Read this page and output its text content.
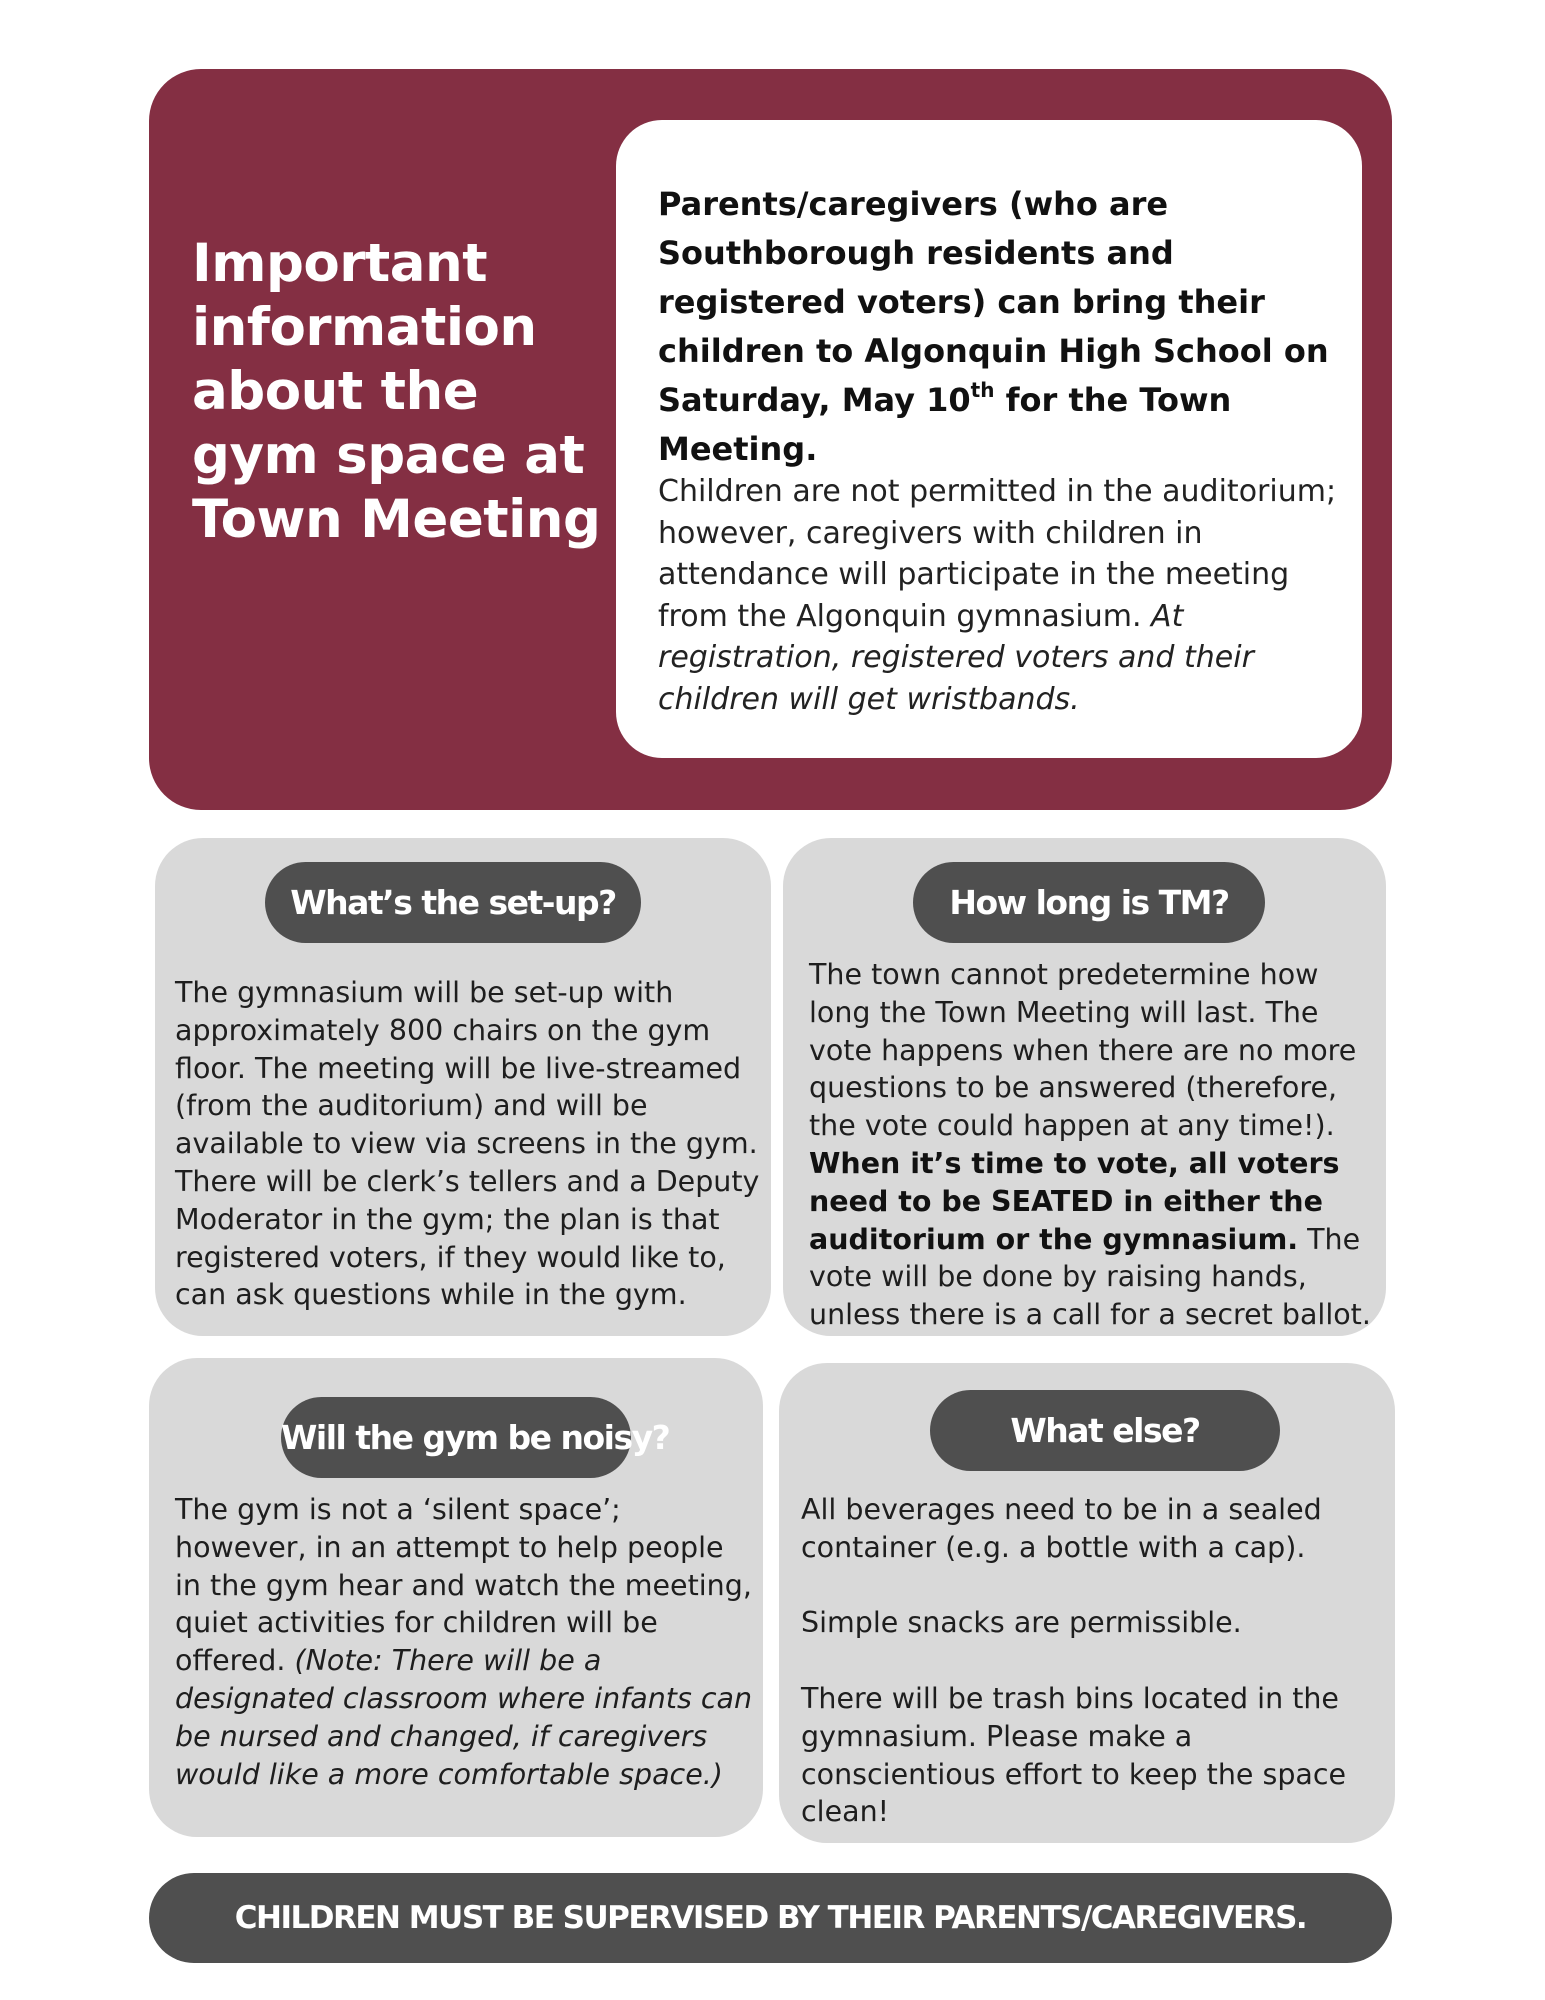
Important
information
about the
gym space at
Town Meeting

Parents/caregivers (who are Southborough residents and registered voters) can bring their children to Algonquin High School on Saturday, May 10th for the Town Meeting.

Children are not permitted in the auditorium; however, caregivers with children in attendance will participate in the meeting from the Algonquin gymnasium. At registration, registered voters and their children will get wristbands.

What’s the set-up?

The gymnasium will be set-up with approximately 800 chairs on the gym floor. The meeting will be live-streamed (from the auditorium) and will be available to view via screens in the gym. There will be clerk’s tellers and a Deputy Moderator in the gym; the plan is that registered voters, if they would like to, can ask questions while in the gym.

How long is TM?

The town cannot predetermine how long the Town Meeting will last. The vote happens when there are no more questions to be answered (therefore, the vote could happen at any time!). When it’s time to vote, all voters need to be SEATED in either the auditorium or the gymnasium. The vote will be done by raising hands, unless there is a call for a secret ballot.

Will the gym be noisy?

The gym is not a ‘silent space’; however, in an attempt to help people in the gym hear and watch the meeting, quiet activities for children will be offered. (Note: There will be a designated classroom where infants can be nursed and changed, if caregivers would like a more comfortable space.)

What else?

All beverages need to be in a sealed container (e.g. a bottle with a cap).
Simple snacks are permissible.
There will be trash bins located in the gymnasium. Please make a conscientious effort to keep the space clean!

CHILDREN MUST BE SUPERVISED BY THEIR PARENTS/CAREGIVERS.
